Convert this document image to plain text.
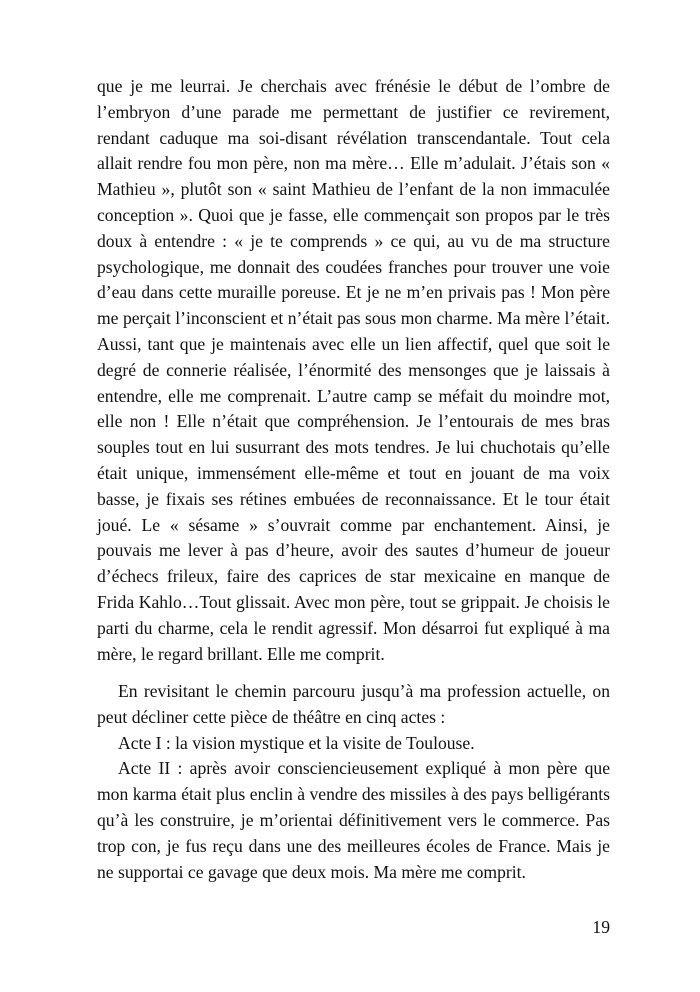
que je me leurrai. Je cherchais avec frénésie le début de l’ombre de l’embryon d’une parade me permettant de justifier ce revirement, rendant caduque ma soi-disant révélation transcendantale. Tout cela allait rendre fou mon père, non ma mère… Elle m’adulait. J’étais son « Mathieu », plutôt son « saint Mathieu de l’enfant de la non immaculée conception ». Quoi que je fasse, elle commençait son propos par le très doux à entendre : « je te comprends » ce qui, au vu de ma structure psychologique, me donnait des coudées franches pour trouver une voie d’eau dans cette muraille poreuse. Et je ne m’en privais pas ! Mon père me perçait l’inconscient et n’était pas sous mon charme. Ma mère l’était. Aussi, tant que je maintenais avec elle un lien affectif, quel que soit le degré de connerie réalisée, l’énormité des mensonges que je laissais à entendre, elle me comprenait. L’autre camp se méfait du moindre mot, elle non ! Elle n’était que compréhension. Je l’entourais de mes bras souples tout en lui susurrant des mots tendres. Je lui chuchotais qu’elle était unique, immensément elle-même et tout en jouant de ma voix basse, je fixais ses rétines embuées de reconnaissance. Et le tour était joué. Le « sésame » s’ouvrait comme par enchantement. Ainsi, je pouvais me lever à pas d’heure, avoir des sautes d’humeur de joueur d’échecs frileux, faire des caprices de star mexicaine en manque de Frida Kahlo…Tout glissait. Avec mon père, tout se grippait. Je choisis le parti du charme, cela le rendit agressif. Mon désarroi fut expliqué à ma mère, le regard brillant. Elle me comprit.

En revisitant le chemin parcouru jusqu’à ma profession actuelle, on peut décliner cette pièce de théâtre en cinq actes :

Acte I : la vision mystique et la visite de Toulouse.

Acte II : après avoir consciencieusement expliqué à mon père que mon karma était plus enclin à vendre des missiles à des pays belligérants qu’à les construire, je m’orientai définitivement vers le commerce. Pas trop con, je fus reçu dans une des meilleures écoles de France. Mais je ne supportai ce gavage que deux mois. Ma mère me comprit.

19
